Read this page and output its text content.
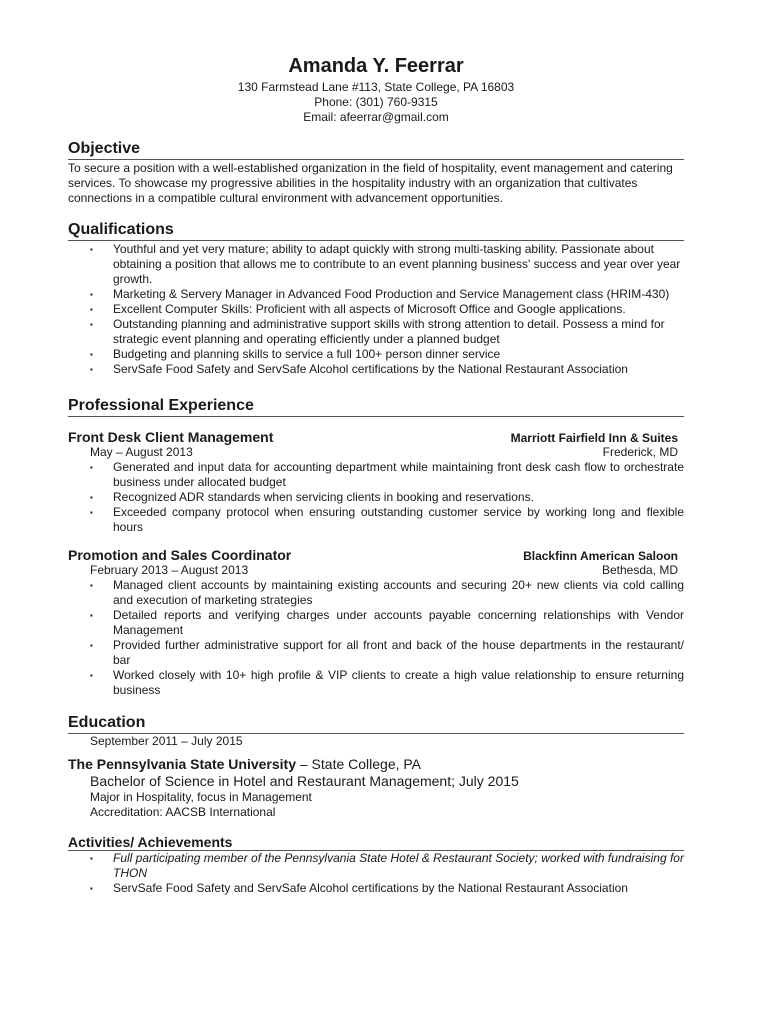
Amanda Y. Feerrar
130 Farmstead Lane #113, State College, PA 16803
Phone: (301) 760-9315
Email: afeerrar@gmail.com
Objective
To secure a position with a well-established organization in the field of hospitality, event management and catering services. To showcase my progressive abilities in the hospitality industry with an organization that cultivates connections in a compatible cultural environment with advancement opportunities.
Qualifications
▪ Youthful and yet very mature; ability to adapt quickly with strong multi-tasking ability. Passionate about obtaining a position that allows me to contribute to an event planning business' success and year over year growth.
▪ Marketing & Servery Manager in Advanced Food Production and Service Management class (HRIM-430)
▪ Excellent Computer Skills: Proficient with all aspects of Microsoft Office and Google applications.
▪ Outstanding planning and administrative support skills with strong attention to detail. Possess a mind for strategic event planning and operating efficiently under a planned budget
▪ Budgeting and planning skills to service a full 100+ person dinner service
▪ ServSafe Food Safety and ServSafe Alcohol certifications by the National Restaurant Association
Professional Experience
Front Desk Client Management	Marriott Fairfield Inn & Suites
May – August 2013	Frederick, MD
▪ Generated and input data for accounting department while maintaining front desk cash flow to orchestrate business under allocated budget
▪ Recognized ADR standards when servicing clients in booking and reservations.
▪ Exceeded company protocol when ensuring outstanding customer service by working long and flexible hours
Promotion and Sales Coordinator	Blackfinn American Saloon
February 2013 – August 2013	Bethesda, MD
▪ Managed client accounts by maintaining existing accounts and securing 20+ new clients via cold calling and execution of marketing strategies
▪ Detailed reports and verifying charges under accounts payable concerning relationships with Vendor Management
▪ Provided further administrative support for all front and back of the house departments in the restaurant/ bar
▪ Worked closely with 10+ high profile & VIP clients to create a high value relationship to ensure returning business
Education
September 2011 – July 2015
The Pennsylvania State University – State College, PA
Bachelor of Science in Hotel and Restaurant Management; July 2015
Major in Hospitality, focus in Management
Accreditation: AACSB International
Activities/ Achievements
▪ Full participating member of the Pennsylvania State Hotel & Restaurant Society; worked with fundraising for THON
▪ ServSafe Food Safety and ServSafe Alcohol certifications by the National Restaurant Association
